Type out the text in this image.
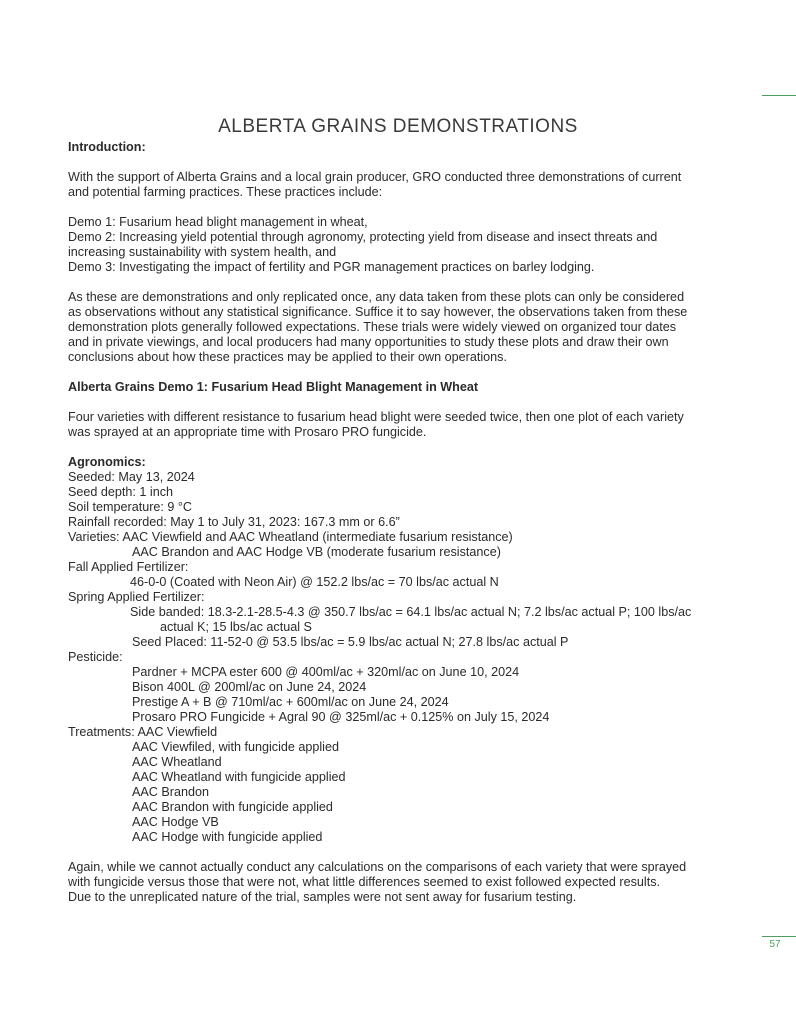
ALBERTA GRAINS DEMONSTRATIONS
Introduction:
With the support of Alberta Grains and a local grain producer, GRO conducted three demonstrations of current
and potential farming practices. These practices include:
Demo 1: Fusarium head blight management in wheat,
Demo 2: Increasing yield potential through agronomy, protecting yield from disease and insect threats and
increasing sustainability with system health, and
Demo 3: Investigating the impact of fertility and PGR management practices on barley lodging.
As these are demonstrations and only replicated once, any data taken from these plots can only be considered
as observations without any statistical significance. Suffice it to say however, the observations taken from these
demonstration plots generally followed expectations. These trials were widely viewed on organized tour dates
and in private viewings, and local producers had many opportunities to study these plots and draw their own
conclusions about how these practices may be applied to their own operations.
Alberta Grains Demo 1: Fusarium Head Blight Management in Wheat
Four varieties with different resistance to fusarium head blight were seeded twice, then one plot of each variety
was sprayed at an appropriate time with Prosaro PRO fungicide.
Agronomics:
Seeded: May 13, 2024
Seed depth: 1 inch
Soil temperature: 9 °C
Rainfall recorded: May 1 to July 31, 2023: 167.3 mm or 6.6”
Varieties: AAC Viewfield and AAC Wheatland (intermediate fusarium resistance)
AAC Brandon and AAC Hodge VB (moderate fusarium resistance)
Fall Applied Fertilizer:
46-0-0 (Coated with Neon Air) @ 152.2 lbs/ac = 70 lbs/ac actual N
Spring Applied Fertilizer:
Side banded: 18.3-2.1-28.5-4.3 @ 350.7 lbs/ac = 64.1 lbs/ac actual N; 7.2 lbs/ac actual P; 100 lbs/ac
actual K; 15 lbs/ac actual S
Seed Placed: 11-52-0 @ 53.5 lbs/ac = 5.9 lbs/ac actual N; 27.8 lbs/ac actual P
Pesticide:
Pardner + MCPA ester 600 @ 400ml/ac + 320ml/ac on June 10, 2024
Bison 400L @ 200ml/ac on June 24, 2024
Prestige A + B @ 710ml/ac + 600ml/ac on June 24, 2024
Prosaro PRO Fungicide + Agral 90 @ 325ml/ac + 0.125% on July 15, 2024
Treatments: AAC Viewfield
AAC Viewfiled, with fungicide applied
AAC Wheatland
AAC Wheatland with fungicide applied
AAC Brandon
AAC Brandon with fungicide applied
AAC Hodge VB
AAC Hodge with fungicide applied
Again, while we cannot actually conduct any calculations on the comparisons of each variety that were sprayed
with fungicide versus those that were not, what little differences seemed to exist followed expected results.
Due to the unreplicated nature of the trial, samples were not sent away for fusarium testing.
57
